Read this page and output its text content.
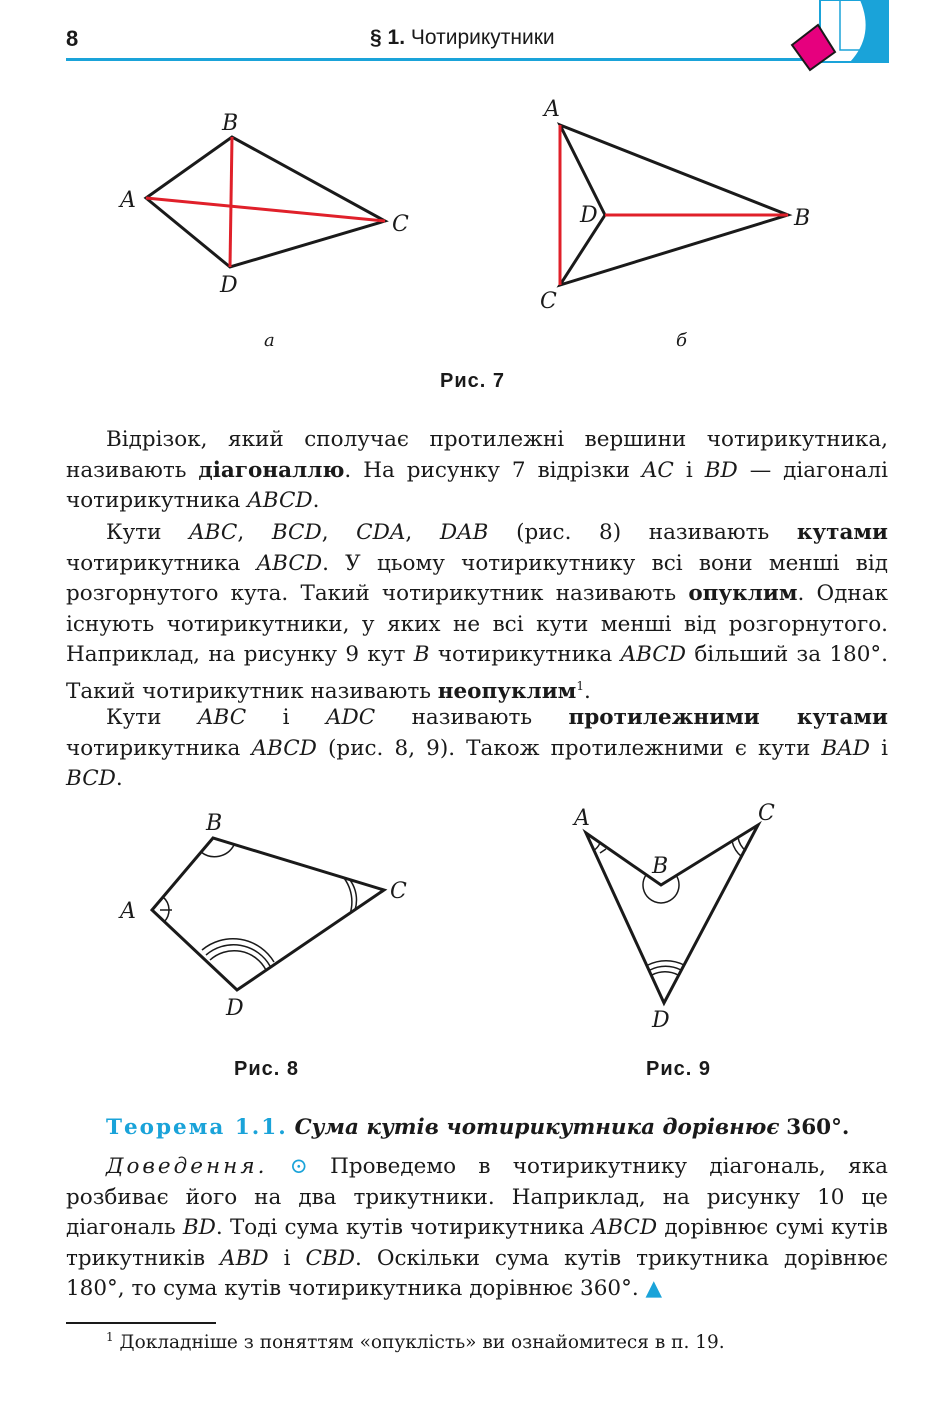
8	§ 1. Чотирикутники
A
B
C
D
а
A
B
C
D
б
Рис. 7

Відрізок, який сполучає протилежні вершини чотирикутника, називають діагоналлю. На рисунку 7 відрізки AC і BD — діагоналі чотирикутника ABCD.

Кути ABC, BCD, CDA, DAB (рис. 8) називають кутами чотирикутника ABCD. У цьому чотирикутнику всі вони менші від розгорнутого кута. Такий чотирикутник називають опуклим. Однак існують чотирикутники, у яких не всі кути менші від розгорнутого. Наприклад, на рисунку 9 кут B чотирикутника ABCD більший за 180°. Такий чотирикутник називають неопуклим$^1$.

Кути ABC і ADC називають протилежними кутами чотирикутника ABCD (рис. 8, 9). Також протилежними є кути BAD і BCD.

A
B
C
D
Рис. 8
A
B
C
D
Рис. 9

Теорема 1.1. Сума кутів чотирикутника дорівнює 360°.

Доведення. ⊙ Проведемо в чотирикутнику діагональ, яка розбиває його на два трикутники. Наприклад, на рисунку 10 це діагональ BD. Тоді сума кутів чотирикутника ABCD дорівнює сумі кутів трикутників ABD і CBD. Оскільки сума кутів трикутника дорівнює 180°, то сума кутів чотирикутника дорівнює 360°. ▲

$^1$ Докладніше з поняттям «опуклість» ви ознайомитеся в п. 19.
